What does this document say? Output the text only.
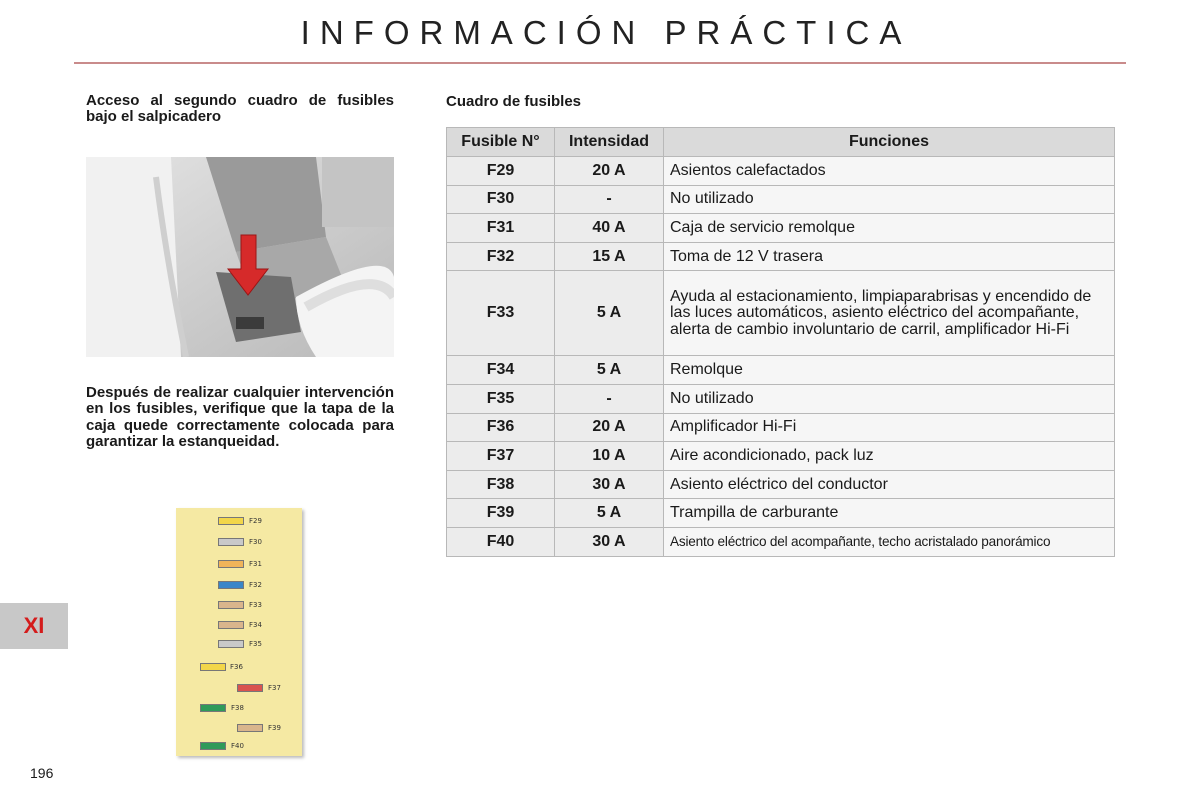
INFORMACIÓN PRÁCTICA
Acceso al segundo cuadro de fusibles bajo el salpicadero
Después de realizar cualquier intervención en los fusibles, verifique que la tapa de la caja quede correctamente colocada para garantizar la estanqueidad.
F29
F30
F31
F32
F33
F34
F35
F36
F37
F38
F39
F40
Cuadro de fusibles
Fusible N°	Intensidad	Funciones
F29	20 A	Asientos calefactados
F30	-	No utilizado
F31	40 A	Caja de servicio remolque
F32	15 A	Toma de 12 V trasera
F33	5 A	Ayuda al estacionamiento, limpiaparabrisas y encendido de las luces automáticos, asiento eléctrico del acompañante, alerta de cambio involuntario de carril, amplificador Hi-Fi
F34	5 A	Remolque
F35	-	No utilizado
F36	20 A	Amplificador Hi-Fi
F37	10 A	Aire acondicionado, pack luz
F38	30 A	Asiento eléctrico del conductor
F39	5 A	Trampilla de carburante
F40	30 A	Asiento eléctrico del acompañante, techo acristalado panorámico
XI
196
